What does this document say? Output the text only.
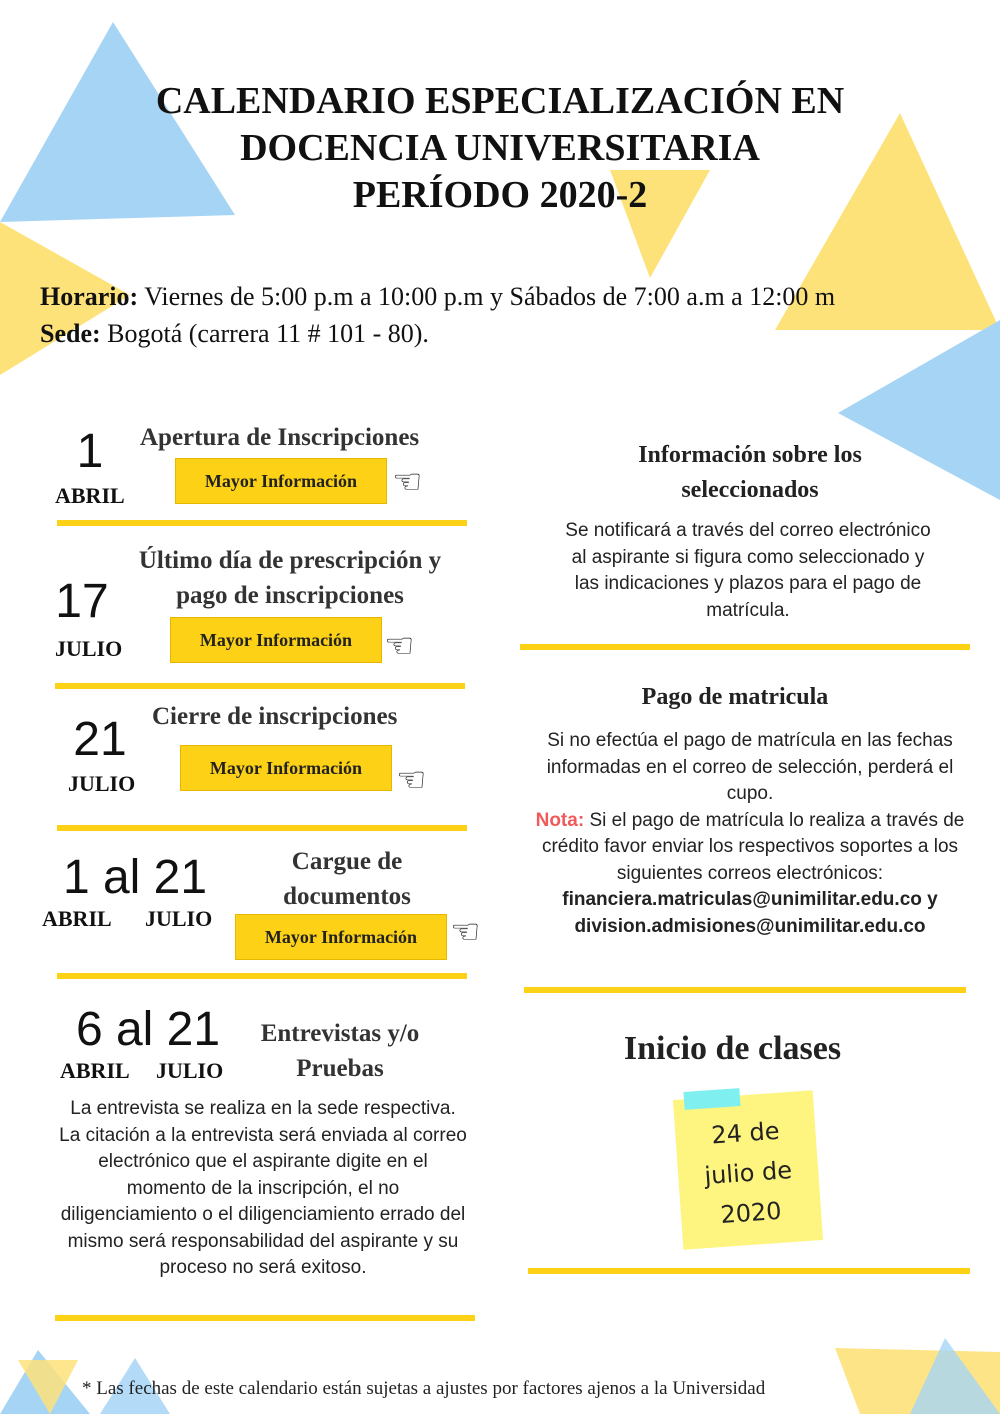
CALENDARIO ESPECIALIZACIÓN EN
DOCENCIA UNIVERSITARIA
PERÍODO 2020-2
Horario: Viernes de 5:00 p.m a 10:00 p.m y Sábados de 7:00 a.m a 12:00 m
Sede: Bogotá (carrera 11 # 101 - 80).
1
ABRIL
Apertura de Inscripciones
Mayor Información	☜
Último día de prescripción y
pago de inscripciones
17
JULIO	Mayor Información ☜
21
JULIO
Cierre de inscripciones
Mayor Información ☜
1 al 21
ABRIL JULIO
Cargue de
documentos
Mayor Información ☜
6 al 21
ABRIL JULIO
Entrevistas y/o
Pruebas
La entrevista se realiza en la sede respectiva. La citación a la entrevista será enviada al correo electrónico que el aspirante digite en el momento de la inscripción, el no diligenciamiento o el diligenciamiento errado del mismo será responsabilidad del aspirante y su proceso no será exitoso.
Información sobre los
seleccionados
Se notificará a través del correo electrónico al aspirante si figura como seleccionado y las indicaciones y plazos para el pago de matrícula.
Pago de matricula
Si no efectúa el pago de matrícula en las fechas informadas en el correo de selección, perderá el cupo.
Nota: Si el pago de matrícula lo realiza a través de crédito favor enviar los respectivos soportes a los siguientes correos electrónicos:
financiera.matriculas@unimilitar.edu.co y
division.admisiones@unimilitar.edu.co
Inicio de clases
24 de
julio de
2020
* Las fechas de este calendario están sujetas a ajustes por factores ajenos a la Universidad
